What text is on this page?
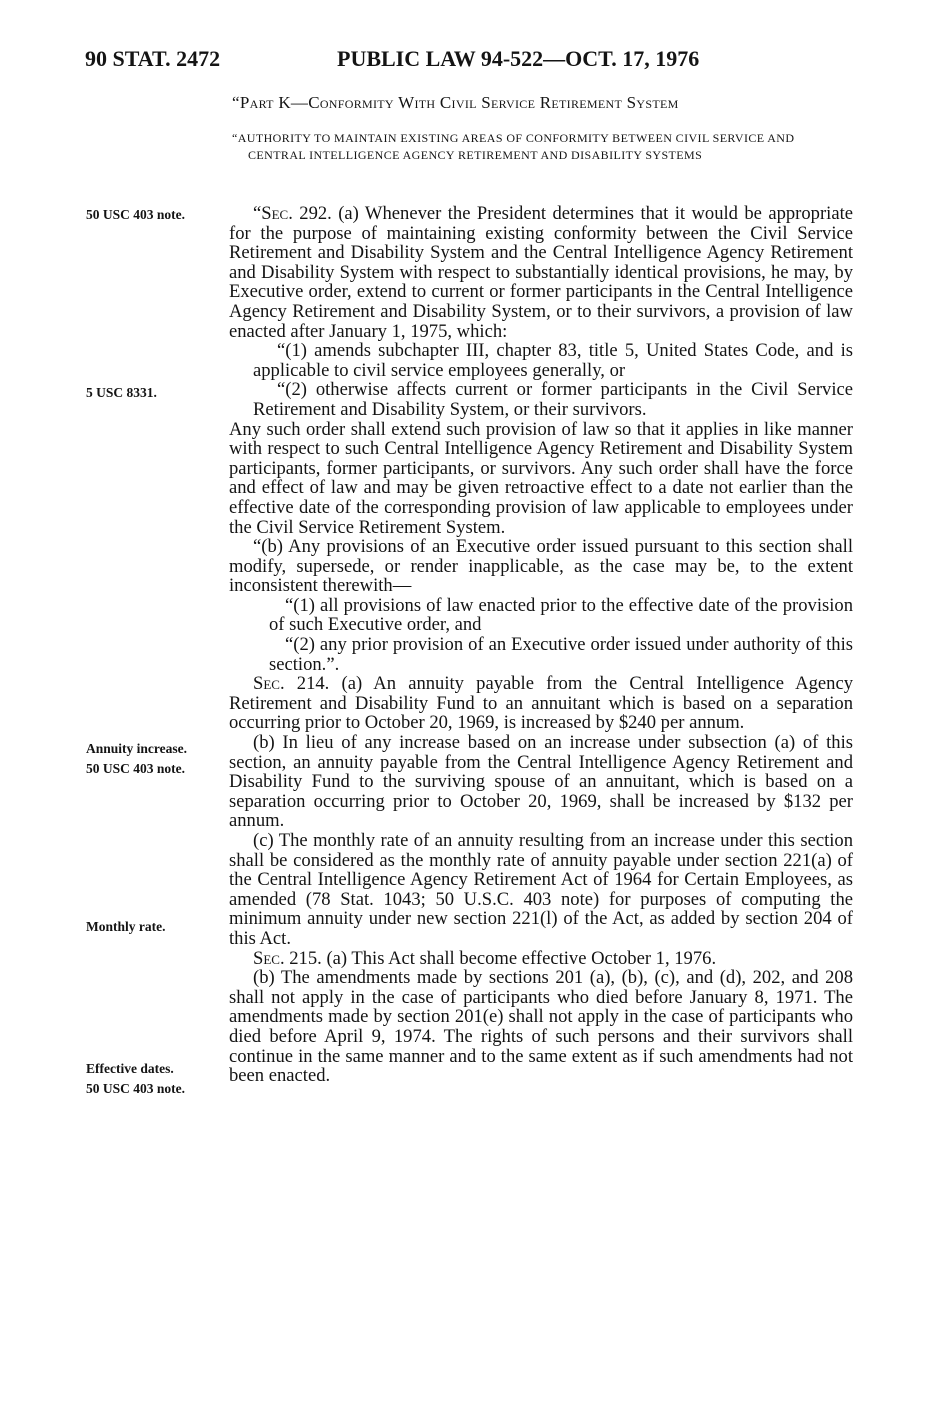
90 STAT. 2472	PUBLIC LAW 94-522—OCT. 17, 1976
“Part K—Conformity With Civil Service Retirement System
“AUTHORITY TO MAINTAIN EXISTING AREAS OF CONFORMITY BETWEEN CIVIL SERVICE AND CENTRAL INTELLIGENCE AGENCY RETIREMENT AND DISABILITY SYSTEMS
50 USC 403 note.
5 USC 8331.
Annuity increase.
50 USC 403 note.
Monthly rate.
Effective dates.
50 USC 403 note.

“Sec. 292. (a) Whenever the President determines that it would be appropriate for the purpose of maintaining existing conformity between the Civil Service Retirement and Disability System and the Central Intelligence Agency Retirement and Disability System with respect to substantially identical provisions, he may, by Executive order, extend to current or former participants in the Central Intelligence Agency Retirement and Disability System, or to their survivors, a provision of law enacted after January 1, 1975, which:

“(1) amends subchapter III, chapter 83, title 5, United States Code, and is applicable to civil service employees generally, or

“(2) otherwise affects current or former participants in the Civil Service Retirement and Disability System, or their survivors.

Any such order shall extend such provision of law so that it applies in like manner with respect to such Central Intelligence Agency Retirement and Disability System participants, former participants, or survivors. Any such order shall have the force and effect of law and may be given retroactive effect to a date not earlier than the effective date of the corresponding provision of law applicable to employees under the Civil Service Retirement System.

“(b) Any provisions of an Executive order issued pursuant to this section shall modify, supersede, or render inapplicable, as the case may be, to the extent inconsistent therewith—

“(1) all provisions of law enacted prior to the effective date of the provision of such Executive order, and

“(2) any prior provision of an Executive order issued under authority of this section.”.

Sec. 214. (a) An annuity payable from the Central Intelligence Agency Retirement and Disability Fund to an annuitant which is based on a separation occurring prior to October 20, 1969, is increased by $240 per annum.

(b) In lieu of any increase based on an increase under subsection (a) of this section, an annuity payable from the Central Intelligence Agency Retirement and Disability Fund to the surviving spouse of an annuitant, which is based on a separation occurring prior to October 20, 1969, shall be increased by $132 per annum.

(c) The monthly rate of an annuity resulting from an increase under this section shall be considered as the monthly rate of annuity payable under section 221(a) of the Central Intelligence Agency Retirement Act of 1964 for Certain Employees, as amended (78 Stat. 1043; 50 U.S.C. 403 note) for purposes of computing the minimum annuity under new section 221(l) of the Act, as added by section 204 of this Act.

Sec. 215. (a) This Act shall become effective October 1, 1976.

(b) The amendments made by sections 201 (a), (b), (c), and (d), 202, and 208 shall not apply in the case of participants who died before January 8, 1971. The amendments made by section 201(e) shall not apply in the case of participants who died before April 9, 1974. The rights of such persons and their survivors shall continue in the same manner and to the same extent as if such amendments had not been enacted.
